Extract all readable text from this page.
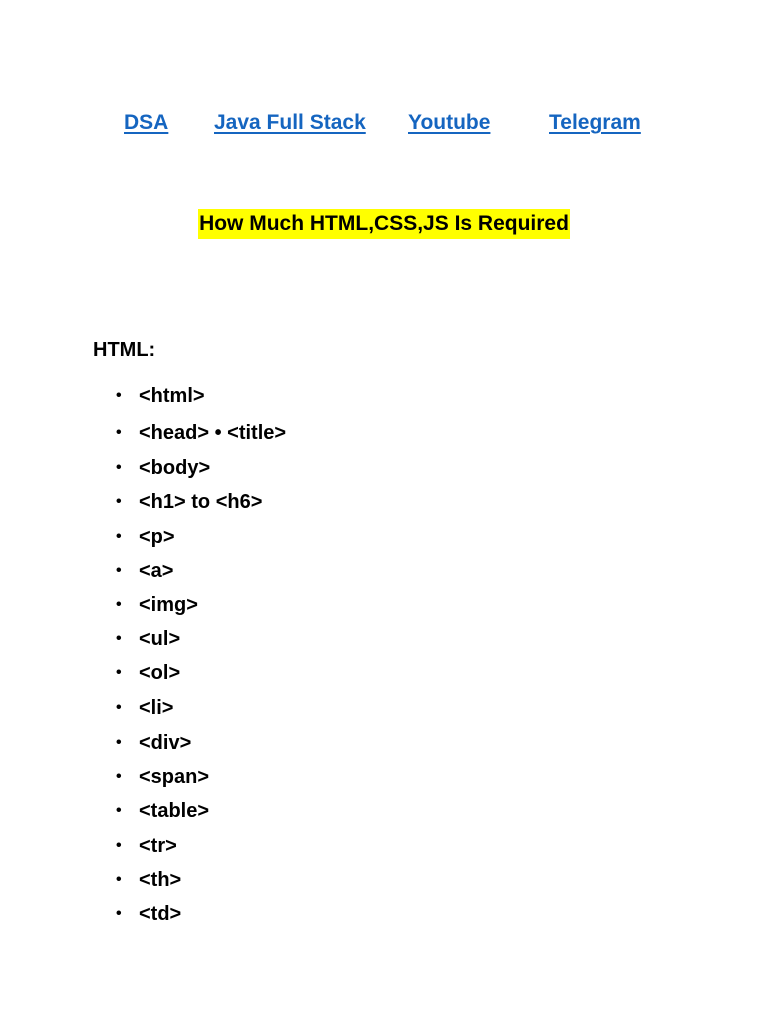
DSA Java Full Stack Youtube	Telegram
How Much HTML,CSS,JS Is Required
HTML:
• <html>
• <head> • <title>
• <body>
• <h1> to <h6>
• <p>
• <a>
• <img>
• <ul>
• <ol>
• <li>
• <div>
• <span>
• <table>
• <tr>
• <th>
• <td>
